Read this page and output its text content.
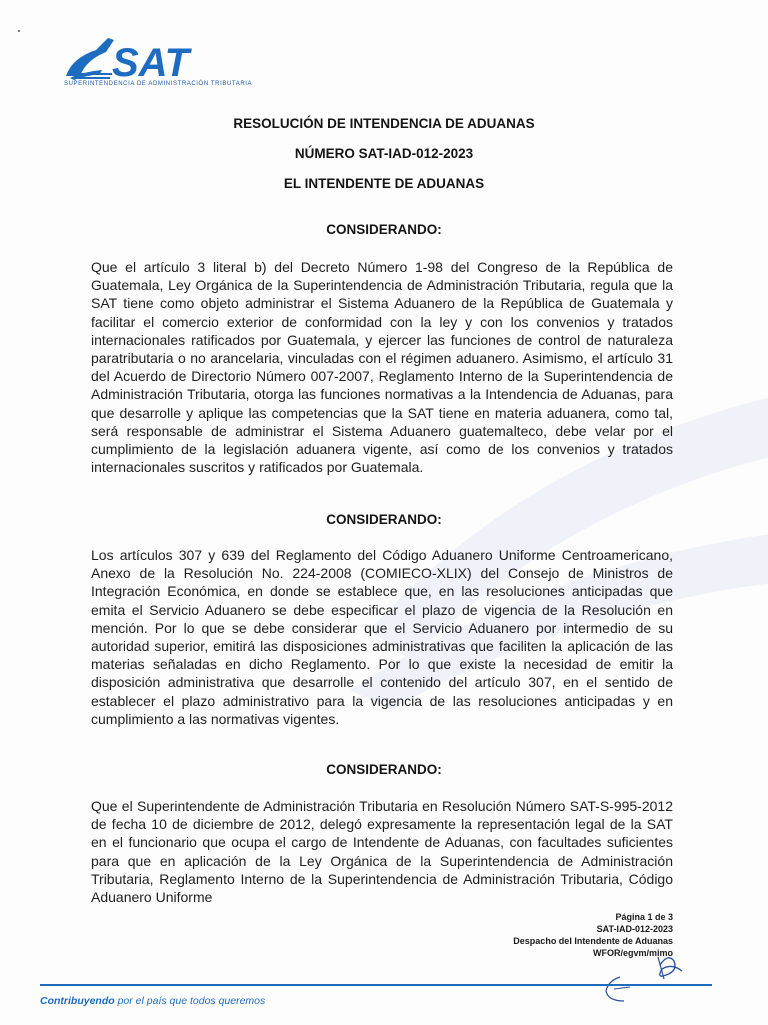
SAT
SUPERINTENDENCIA DE ADMINISTRACIÓN TRIBUTARIA
RESOLUCIÓN DE INTENDENCIA DE ADUANAS
NÚMERO SAT-IAD-012-2023
EL INTENDENTE DE ADUANAS
CONSIDERANDO:
Que el artículo 3 literal b) del Decreto Número 1-98 del Congreso de la República de Guatemala, Ley Orgánica de la Superintendencia de Administración Tributaria, regula que la SAT tiene como objeto administrar el Sistema Aduanero de la República de Guatemala y facilitar el comercio exterior de conformidad con la ley y con los convenios y tratados internacionales ratificados por Guatemala, y ejercer las funciones de control de naturaleza paratributaria o no arancelaria, vinculadas con el régimen aduanero. Asimismo, el artículo 31 del Acuerdo de Directorio Número 007-2007, Reglamento Interno de la Superintendencia de Administración Tributaria, otorga las funciones normativas a la Intendencia de Aduanas, para que desarrolle y aplique las competencias que la SAT tiene en materia aduanera, como tal, será responsable de administrar el Sistema Aduanero guatemalteco, debe velar por el cumplimiento de la legislación aduanera vigente, así como de los convenios y tratados internacionales suscritos y ratificados por Guatemala.
CONSIDERANDO:
Los artículos 307 y 639 del Reglamento del Código Aduanero Uniforme Centroamericano, Anexo de la Resolución No. 224-2008 (COMIECO-XLIX) del Consejo de Ministros de Integración Económica, en donde se establece que, en las resoluciones anticipadas que emita el Servicio Aduanero se debe especificar el plazo de vigencia de la Resolución en mención. Por lo que se debe considerar que el Servicio Aduanero por intermedio de su autoridad superior, emitirá las disposiciones administrativas que faciliten la aplicación de las materias señaladas en dicho Reglamento. Por lo que existe la necesidad de emitir la disposición administrativa que desarrolle el contenido del artículo 307, en el sentido de establecer el plazo administrativo para la vigencia de las resoluciones anticipadas y en cumplimiento a las normativas vigentes.
CONSIDERANDO:
Que el Superintendente de Administración Tributaria en Resolución Número SAT-S-995-2012 de fecha 10 de diciembre de 2012, delegó expresamente la representación legal de la SAT en el funcionario que ocupa el cargo de Intendente de Aduanas, con facultades suficientes para que en aplicación de la Ley Orgánica de la Superintendencia de Administración Tributaria, Reglamento Interno de la Superintendencia de Administración Tributaria, Código Aduanero Uniforme
Página 1 de 3
SAT-IAD-012-2023
Despacho del Intendente de Aduanas
WFOR/egvm/mimo
Contribuyendo por el país que todos queremos
